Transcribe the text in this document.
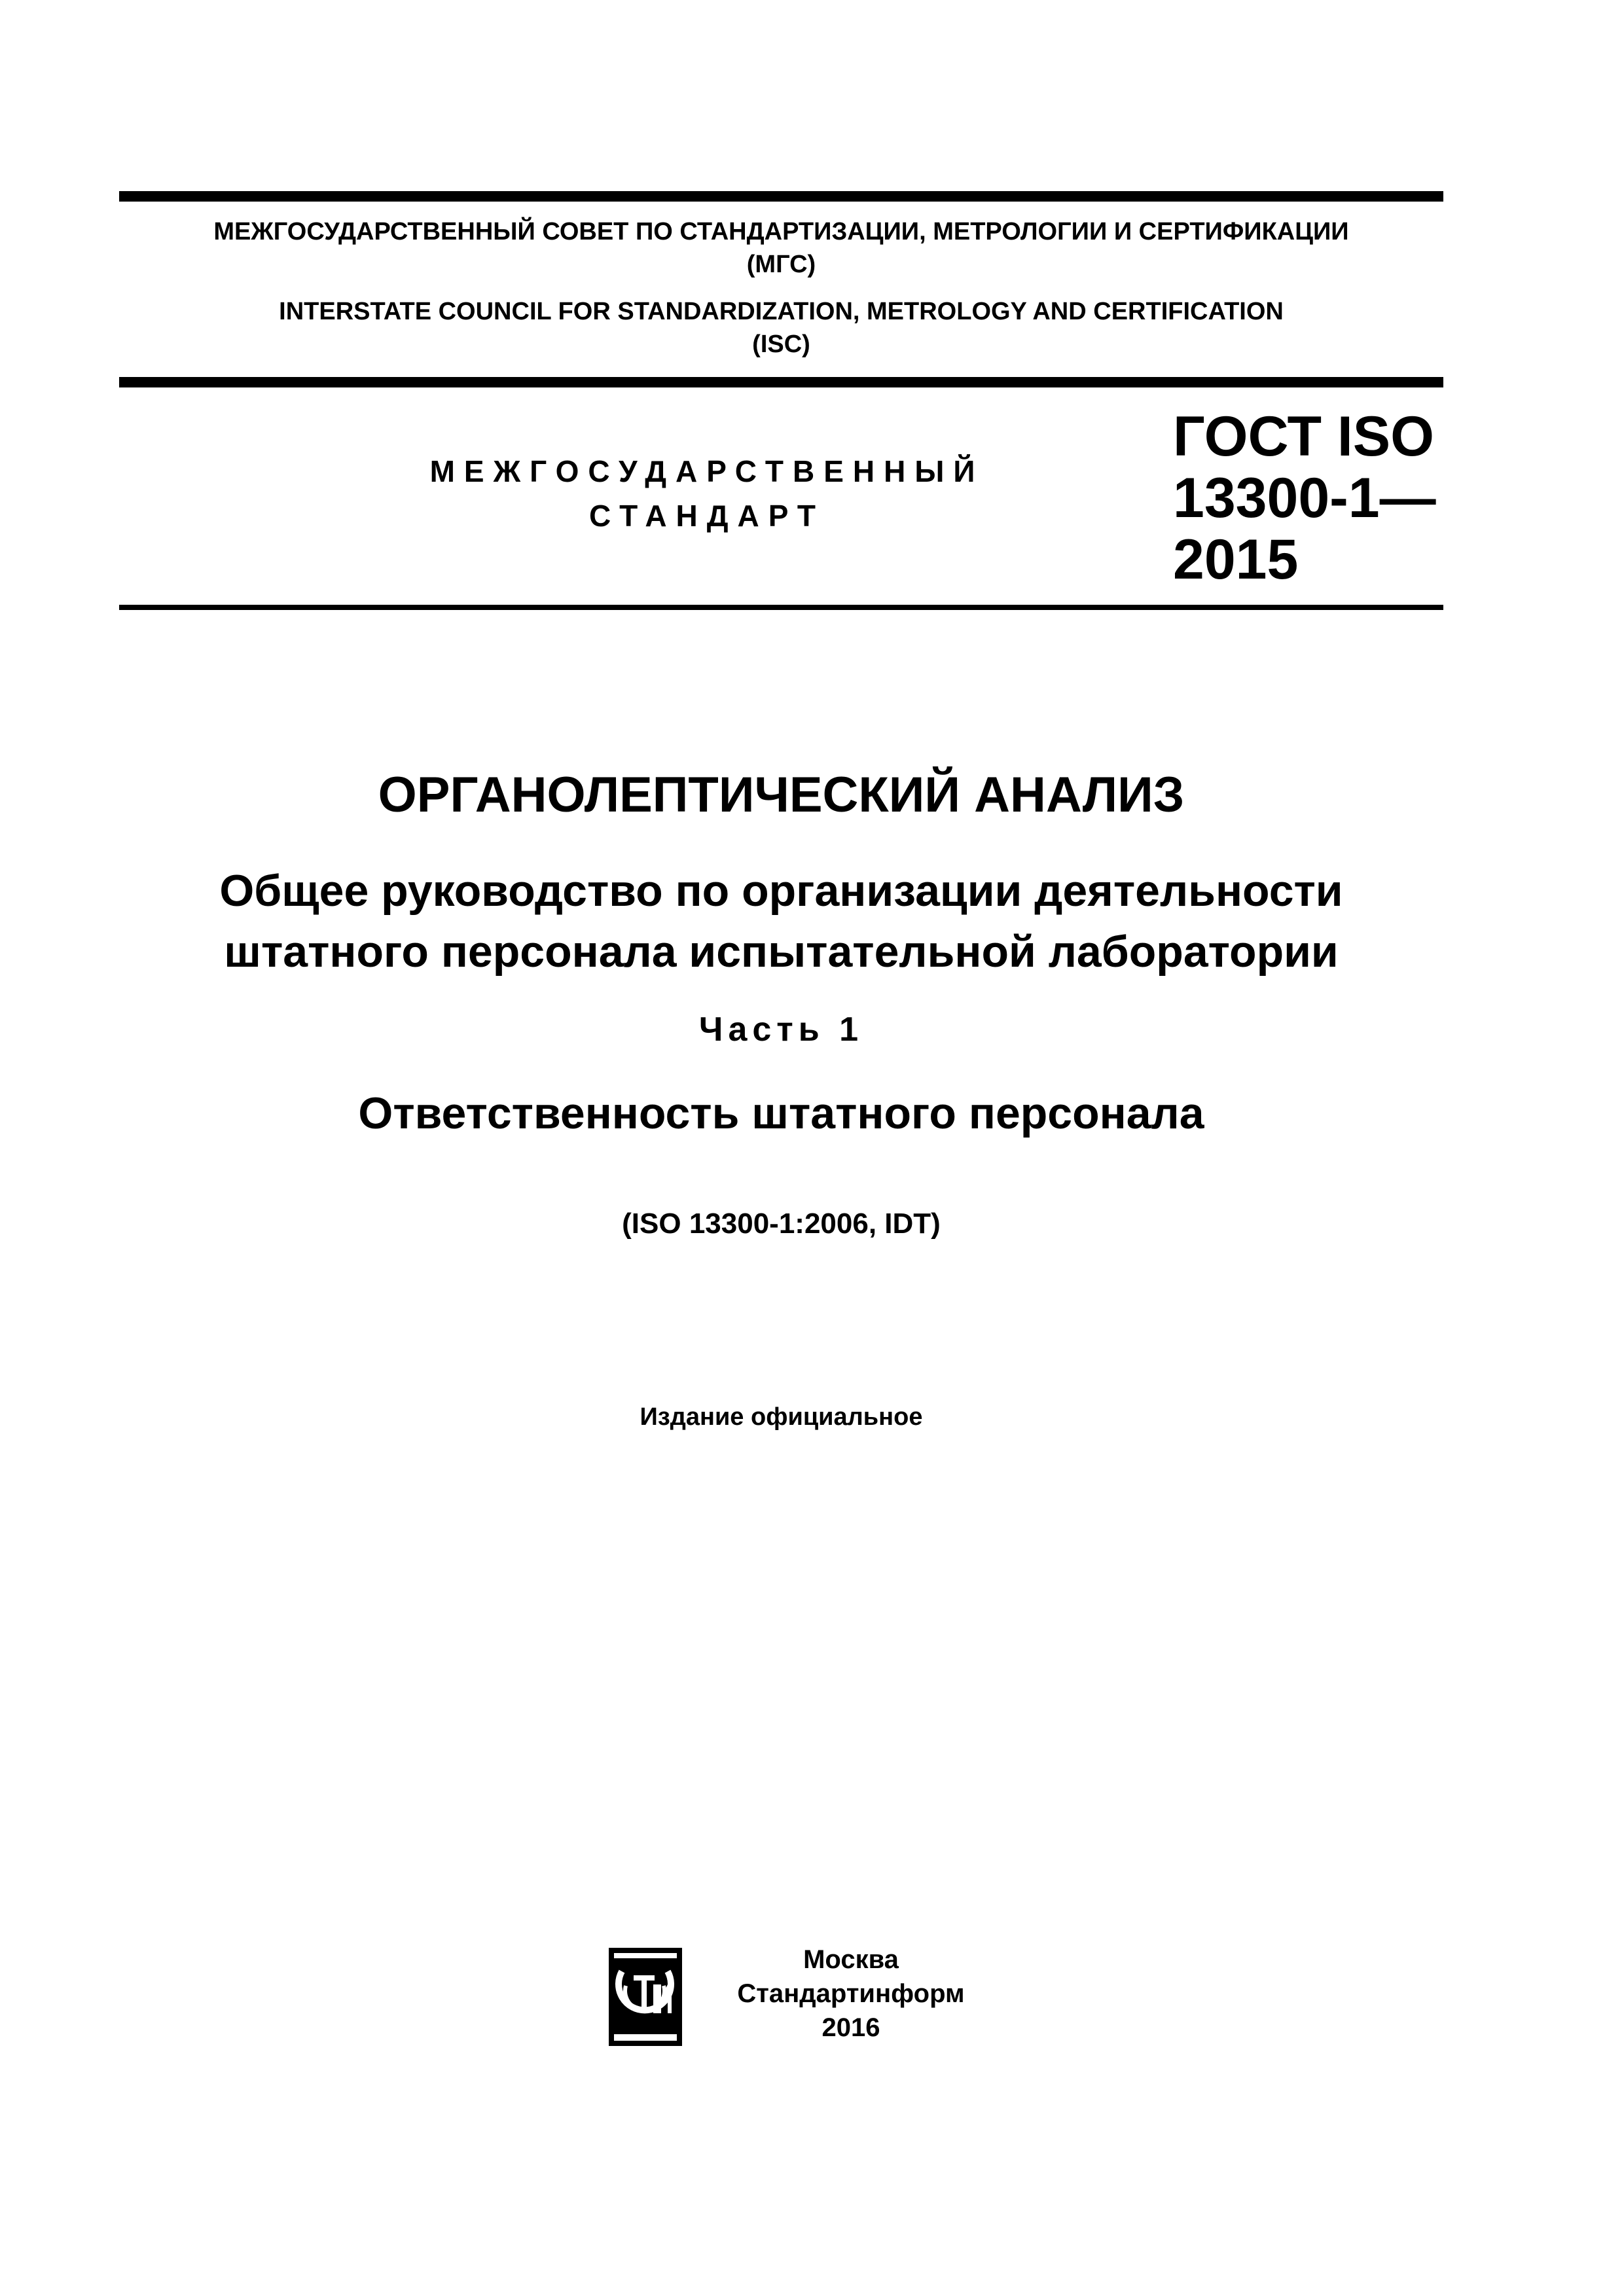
МЕЖГОСУДАРСТВЕННЫЙ СОВЕТ ПО СТАНДАРТИЗАЦИИ, МЕТРОЛОГИИ И СЕРТИФИКАЦИИ
(МГС)
INTERSTATE COUNCIL FOR STANDARDIZATION, METROLOGY AND CERTIFICATION
(ISC)
МЕЖГОСУДАРСТВЕННЫЙ
СТАНДАРТ
ГОСТ ISO
13300-1—
2015
ОРГАНОЛЕПТИЧЕСКИЙ АНАЛИЗ
Общее руководство по организации деятельности
штатного персонала испытательной лаборатории
Часть 1
Ответственность штатного персонала
(ISO 13300-1:2006, IDT)
Издание официальное
Москва
Стандартинформ
2016
